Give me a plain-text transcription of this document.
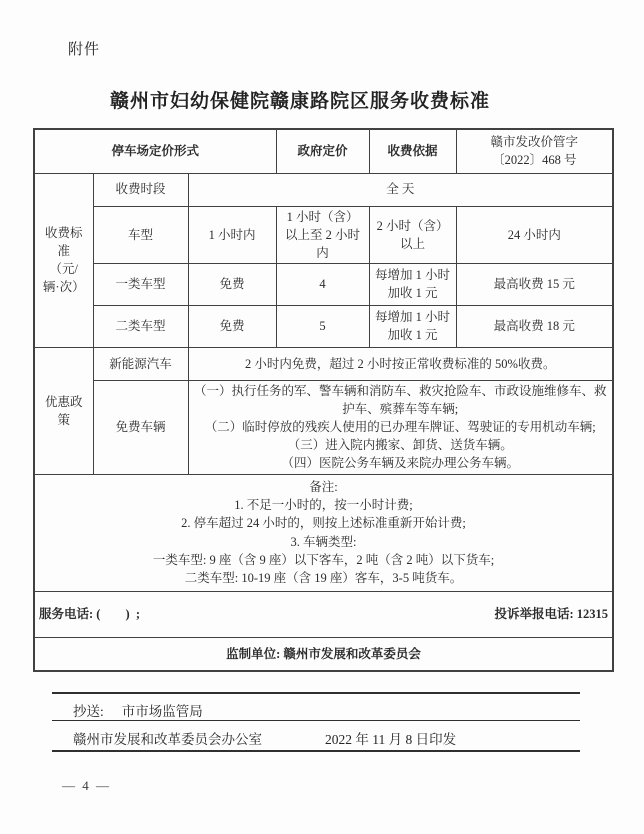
附件
赣州市妇幼保健院赣康路院区服务收费标准
停车场定价形式			政府定价	收费依据	赣市发改价管字
〔2022〕468 号

收费标准
（元/
辆·次）	收费时段	全 天			
	车型	1 小时内	1 小时（含）以上至 2 小时内	2 小时（含）以上	24 小时内
	一类车型	免费	4	每增加 1 小时加收 1 元	最高收费 15 元
	二类车型	免费	5	每增加 1 小时加收 1 元	最高收费 18 元
优惠政策	新能源汽车	2 小时内免费，超过 2 小时按正常收费标准的 50%收费。			
	免费车辆	（一）执行任务的军、警车辆和消防车、救灾抢险车、市政设施维修车、救护车、殡葬车等车辆;
（二）临时停放的残疾人使用的已办理车牌证、驾驶证的专用机动车辆;
（三）进入院内搬家、卸货、送货车辆。
（四）医院公务车辆及来院办理公务车辆。			

备注:
1. 不足一小时的，按一小时计费;
2. 停车超过 24 小时的，则按上述标准重新开始计费;
3. 车辆类型:
一类车型: 9 座（含 9 座）以下客车，2 吨（含 2 吨）以下货车;
二类车型: 10-19 座（含 19 座）客车，3-5 吨货车。

服务电话: (        )  ; 投诉举报电话: 12315					

监制单位: 赣州市发展和改革委员会					
抄送: 市市场监管局
赣州市发展和改革委员会办公室	2022 年 11 月 8 日印发
— 4 —
